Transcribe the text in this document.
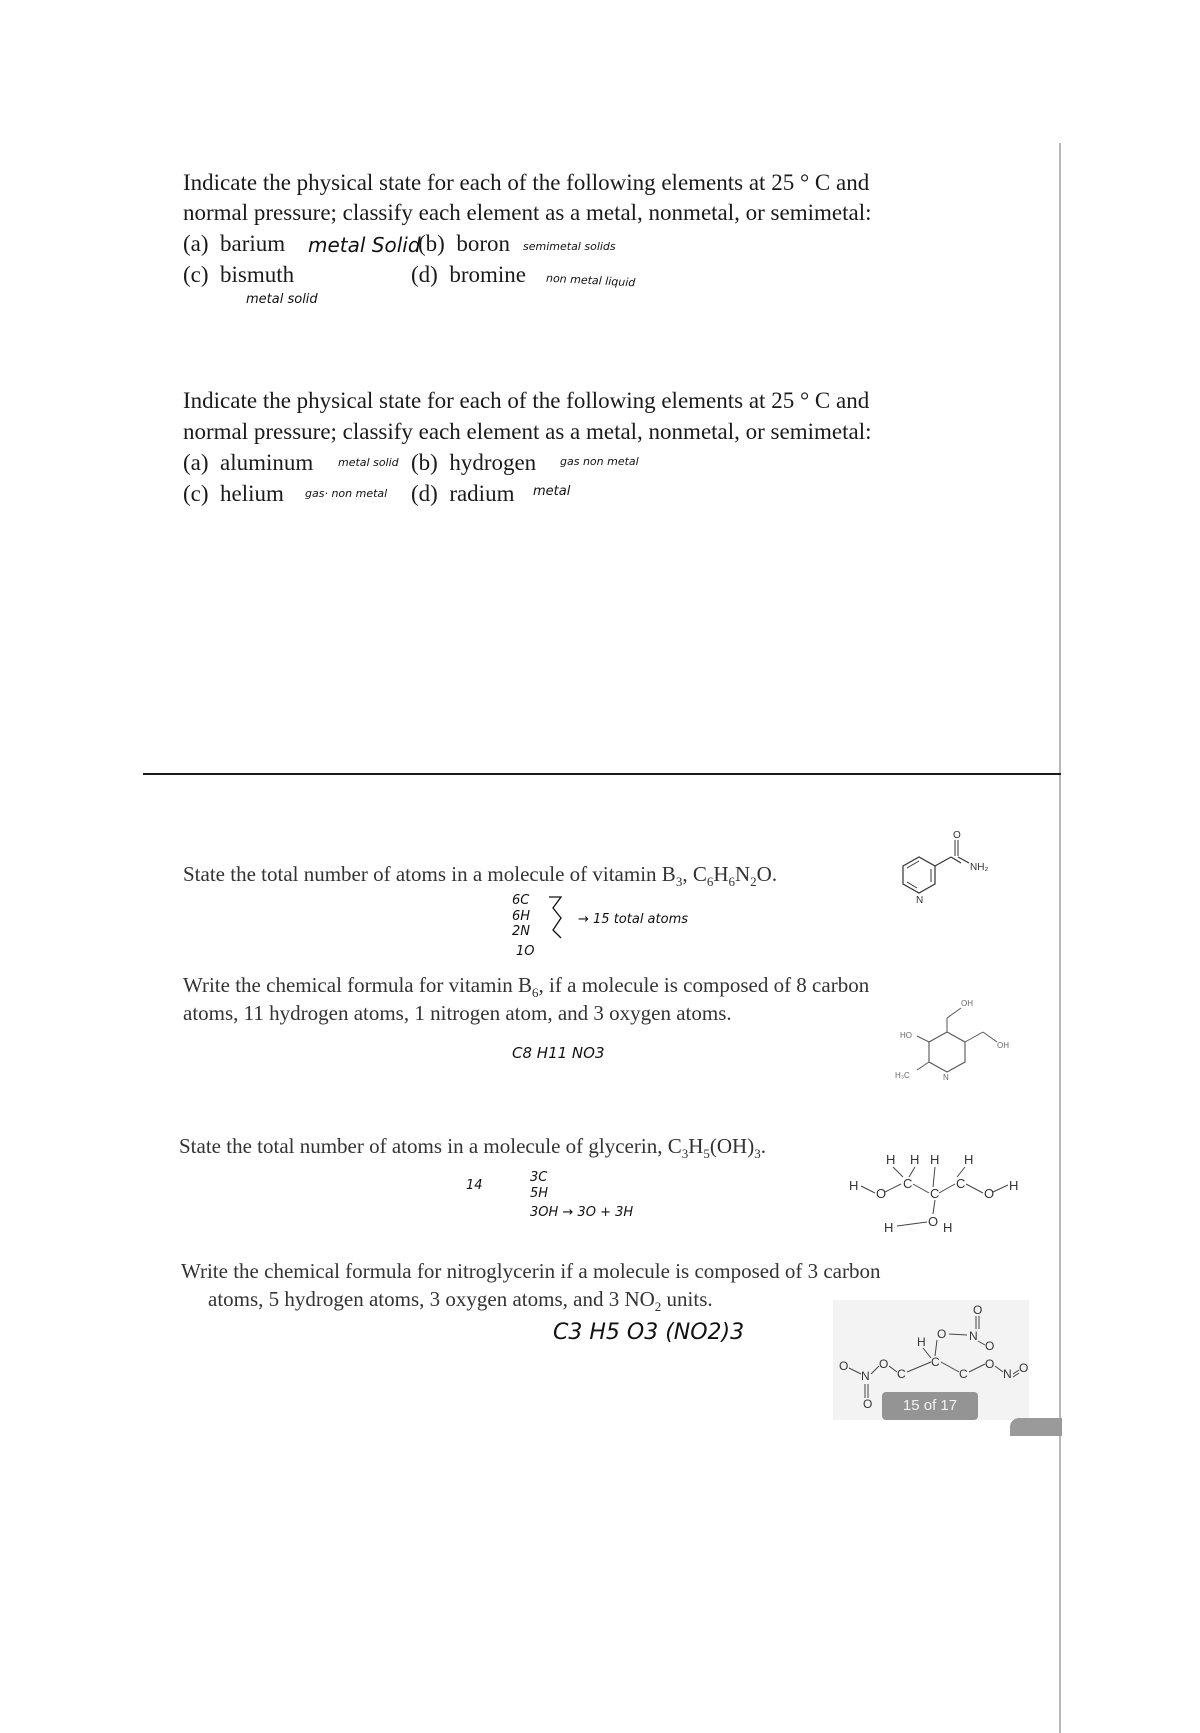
Indicate the physical state for each of the following elements at 25 ° C and
normal pressure; classify each element as a metal, nonmetal, or semimetal:
(a)  barium metal Solid
(b)  boron semimetal solids
(c)  bismuth	(d)  bromine non metal liquid
metal solid
Indicate the physical state for each of the following elements at 25 ° C and
normal pressure; classify each element as a metal, nonmetal, or semimetal:
(a)  aluminum metal solid (b)  hydrogen gas non metal
(c)  helium gas· non metal (d)  radium metal
State the total number of atoms in a molecule of vitamin $B_3$, $C_6H_6N_2O$.
6C
6H
2N
1O
→ 15 total atoms
O
NH₂
N
Write the chemical formula for vitamin $B_6$, if a molecule is composed of 8 carbon
atoms, 11 hydrogen atoms, 1 nitrogen atom, and 3 oxygen atoms.
C8 H11 NO3
OH
HO
OH
H₃C	N
State the total number of atoms in a molecule of glycerin, $C_3H_5(OH)_3$.
14
3C
5H
3OH → 3O + 3H
H H H H
H	H
C
C
C
O	O
H	O H
Write the chemical formula for nitroglycerin if a molecule is composed of 3 carbon
atoms, 5 hydrogen atoms, 3 oxygen atoms, and 3 $NO_2$ units.
C3 H5 O3 (NO2)3
O
N
O
H
O
O
N
O
C
C
C
O
N O
O	15 of 17
